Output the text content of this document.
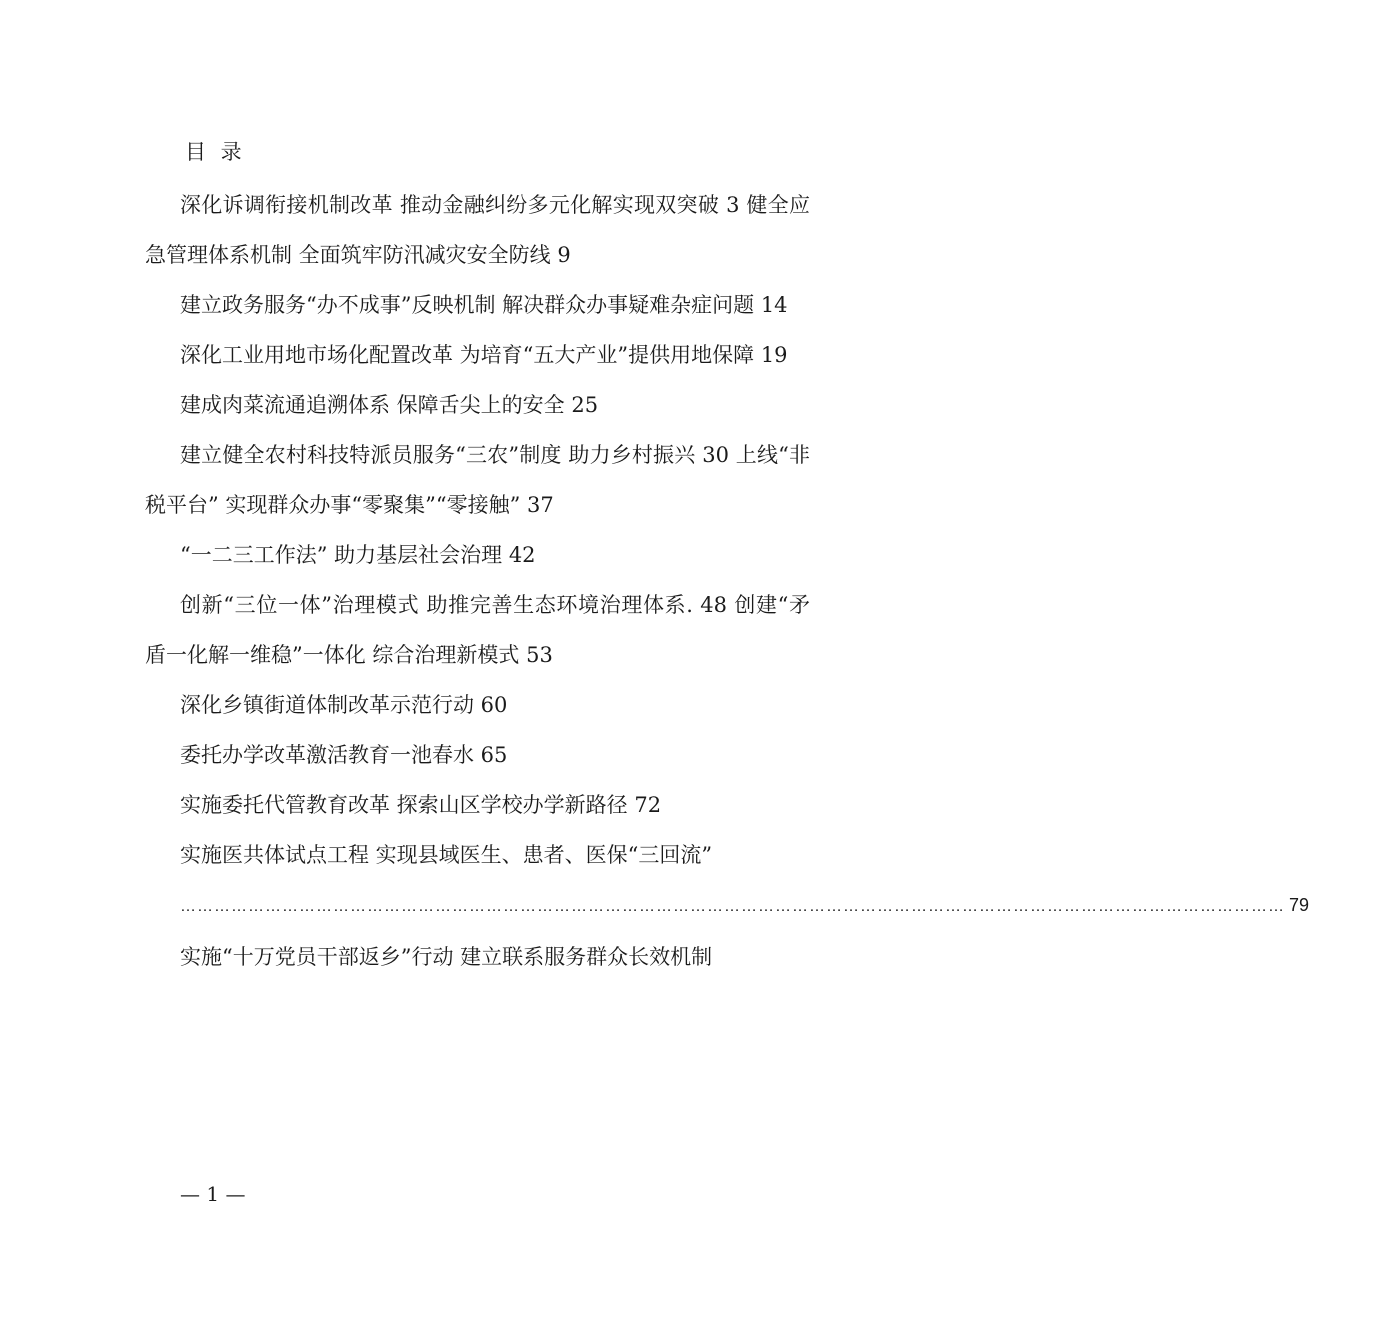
目 录

深化诉调衔接机制改革 推动金融纠纷多元化解实现双突破 3 健全应急管理体系机制 全面筑牢防汛减灾安全防线 9

建立政务服务“办不成事”反映机制 解决群众办事疑难杂症问题 14

深化工业用地市场化配置改革 为培育“五大产业”提供用地保障 19

建成肉菜流通追溯体系 保障舌尖上的安全 25

建立健全农村科技特派员服务“三农”制度 助力乡村振兴 30 上线“非税平台” 实现群众办事“零聚集”“零接触” 37

“一二三工作法” 助力基层社会治理 42

创新“三位一体”治理模式 助推完善生态环境治理体系. 48 创建“矛盾一化解一维稳”一体化 综合治理新模式 53

深化乡镇街道体制改革示范行动 60

委托办学改革激活教育一池春水 65

实施委托代管教育改革 探索山区学校办学新路径 72

实施医共体试点工程 实现县域医生、患者、医保“三回流”

…………………………………………………………………………………………………………………………………………………………………………… 79

实施“十万党员干部返乡”行动 建立联系服务群众长效机制

— 1 —
